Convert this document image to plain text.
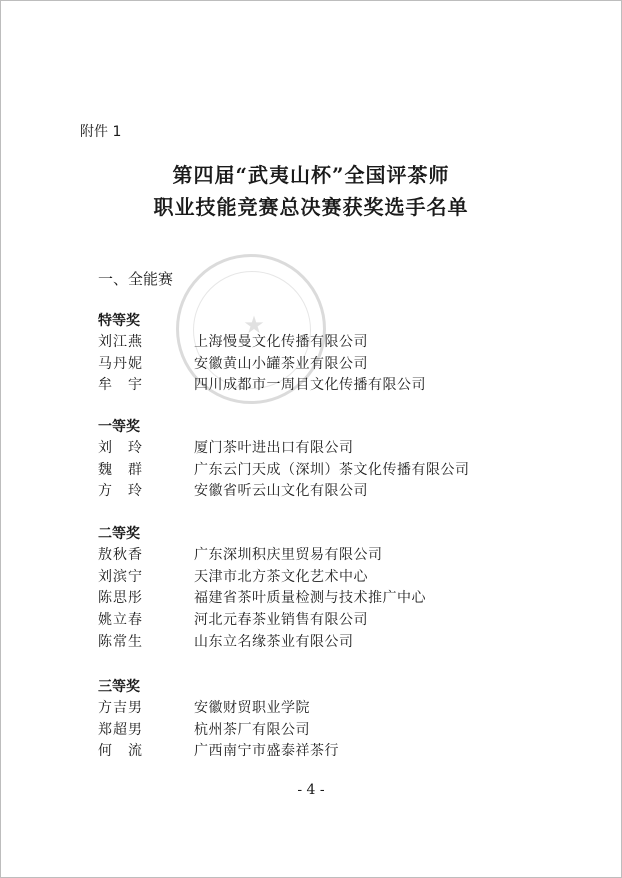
附件 1
第四届“武夷山杯”全国评茶师
职业技能竞赛总决赛获奖选手名单
★
一、全能赛
特等奖
刘江燕	上海慢曼文化传播有限公司
马丹妮	安徽黄山小罐茶业有限公司
牟　宇	四川成都市一周目文化传播有限公司
一等奖
刘　玲	厦门茶叶进出口有限公司
魏　群	广东云门天成（深圳）茶文化传播有限公司
方　玲	安徽省听云山文化有限公司
二等奖
敖秋香	广东深圳积庆里贸易有限公司
刘滨宁	天津市北方茶文化艺术中心
陈思彤	福建省茶叶质量检测与技术推广中心
姚立春	河北元春茶业销售有限公司
陈常生	山东立名缘茶业有限公司
三等奖
方吉男	安徽财贸职业学院
郑超男	杭州茶厂有限公司
何　流	广西南宁市盛泰祥茶行
- 4 -
